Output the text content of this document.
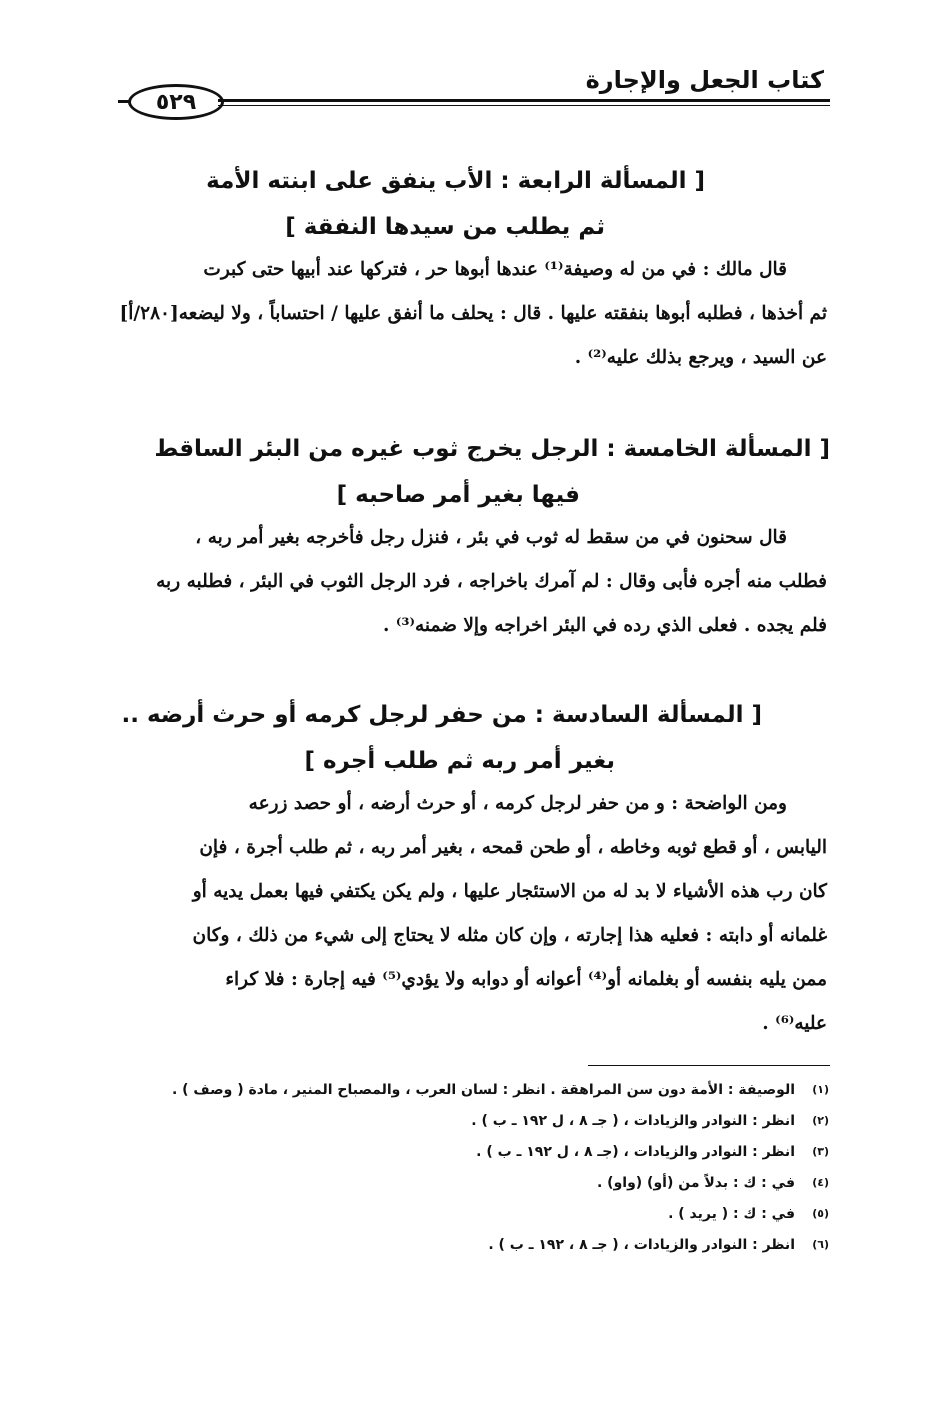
كتاب الجعل والإجارة
٥٢٩
[ المسألة الرابعة : الأب ينفق على ابنته الأمة
ثم يطلب من سيدها النفقة ]
قال مالك : في من له وصيفة⁽¹⁾ عندها أبوها حر ، فتركها عند أبيها حتى كبرت
ثم أخذها ، فطلبه أبوها بنفقته عليها . قال : يحلف ما أنفق عليها / احتساباً ، ولا ليضعه[٢٨٠/أ]
عن السيد ، ويرجع بذلك عليه⁽²⁾ .
[ المسألة الخامسة : الرجل يخرج ثوب غيره من البئر الساقط
فيها بغير أمر صاحبه ]
قال سحنون في من سقط له ثوب في بئر ، فنزل رجل فأخرجه بغير أمر ربه ،
فطلب منه أجره فأبى وقال : لم آمرك باخراجه ، فرد الرجل الثوب في البئر ، فطلبه ربه
فلم يجده . فعلى الذي رده في البئر اخراجه وإلا ضمنه⁽³⁾ .
[ المسألة السادسة : من حفر لرجل كرمه أو حرث أرضه ..
بغير أمر ربه ثم طلب أجره ]
ومن الواضحة : و من حفر لرجل كرمه ، أو حرث أرضه ، أو حصد زرعه
اليابس ، أو قطع ثوبه وخاطه ، أو طحن قمحه ، بغير أمر ربه ، ثم طلب أجرة ، فإن
كان رب هذه الأشياء لا بد له من الاستئجار عليها ، ولم يكن يكتفي فيها بعمل يديه أو
غلمانه أو دابته : فعليه هذا إجارته ، وإن كان مثله لا يحتاج إلى شيء من ذلك ، وكان
ممن يليه بنفسه أو بغلمانه أو⁽⁴⁾ أعوانه أو دوابه ولا يؤدي⁽⁵⁾ فيه إجارة : فلا كراء
عليه⁽⁶⁾ .
(١)
الوصيفة : الأمة دون سن المراهقة . انظر : لسان العرب ، والمصباح المنير ، مادة ( وصف ) .
(٢)
انظر : النوادر والزيادات ، ( جـ ٨ ، ل ١٩٢ ـ ب ) .
(٣)
انظر : النوادر والزيادات ، (جـ ٨ ، ل ١٩٢ ـ ب ) .
(٤)
في : ك : بدلاً من (أو) (واو) .
(٥)
في : ك : ( يريد ) .
(٦)
انظر : النوادر والزيادات ، ( جـ ٨ ، ١٩٢ ـ ب ) .
